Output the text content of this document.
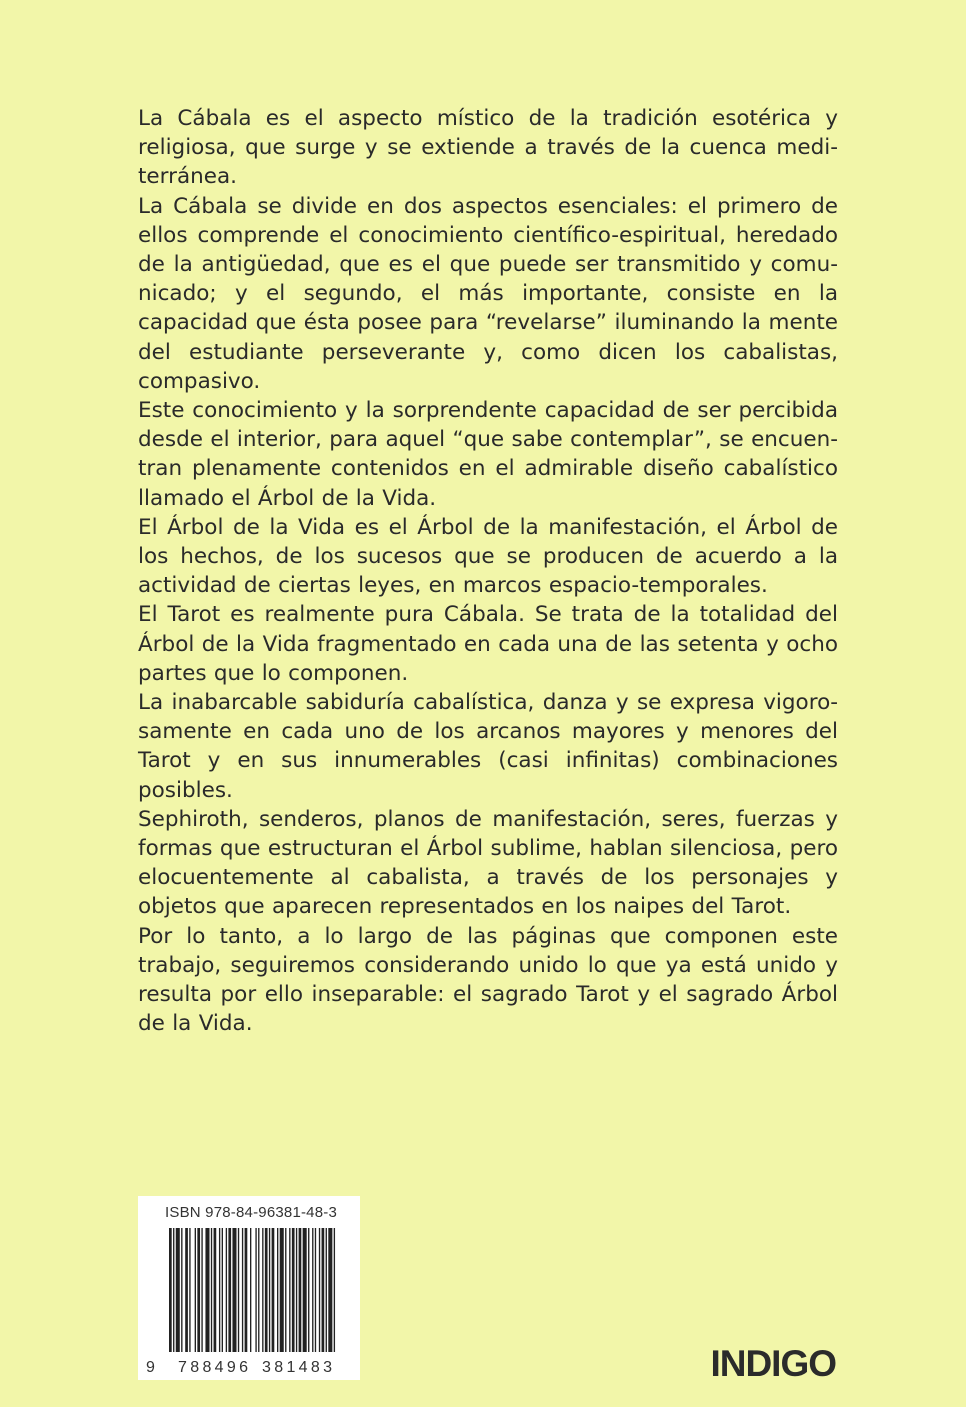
La Cábala es el aspecto místico de la tradición esotérica y religiosa, que surge y se extiende a través de la cuenca mediterránea.

La Cábala se divide en dos aspectos esenciales: el primero de ellos comprende el conocimiento científico-espiritual, heredado de la antigüedad, que es el que puede ser transmitido y comunicado; y el segundo, el más importante, consiste en la capacidad que ésta posee para “revelarse” iluminando la mente del estudiante perseverante y, como dicen los cabalistas, compasivo.

Este conocimiento y la sorprendente capacidad de ser percibida desde el interior, para aquel “que sabe contemplar”, se encuentran plenamente contenidos en el admirable diseño cabalístico llamado el Árbol de la Vida.

El Árbol de la Vida es el Árbol de la manifestación, el Árbol de los hechos, de los sucesos que se producen de acuerdo a la actividad de ciertas leyes, en marcos espacio-temporales.

El Tarot es realmente pura Cábala. Se trata de la totalidad del Árbol de la Vida fragmentado en cada una de las setenta y ocho partes que lo componen.

La inabarcable sabiduría cabalística, danza y se expresa vigorosamente en cada uno de los arcanos mayores y menores del Tarot y en sus innumerables (casi infinitas) combinaciones posibles.

Sephiroth, senderos, planos de manifestación, seres, fuerzas y formas que estructuran el Árbol sublime, hablan silenciosa, pero elocuentemente al cabalista, a través de los personajes y objetos que aparecen representados en los naipes del Tarot.

Por lo tanto, a lo largo de las páginas que componen este trabajo, seguiremos considerando unido lo que ya está unido y resulta por ello inseparable: el sagrado Tarot y el sagrado Árbol de la Vida.

ISBN 978-84-96381-48-3
9 788496 381483	INDIGO
